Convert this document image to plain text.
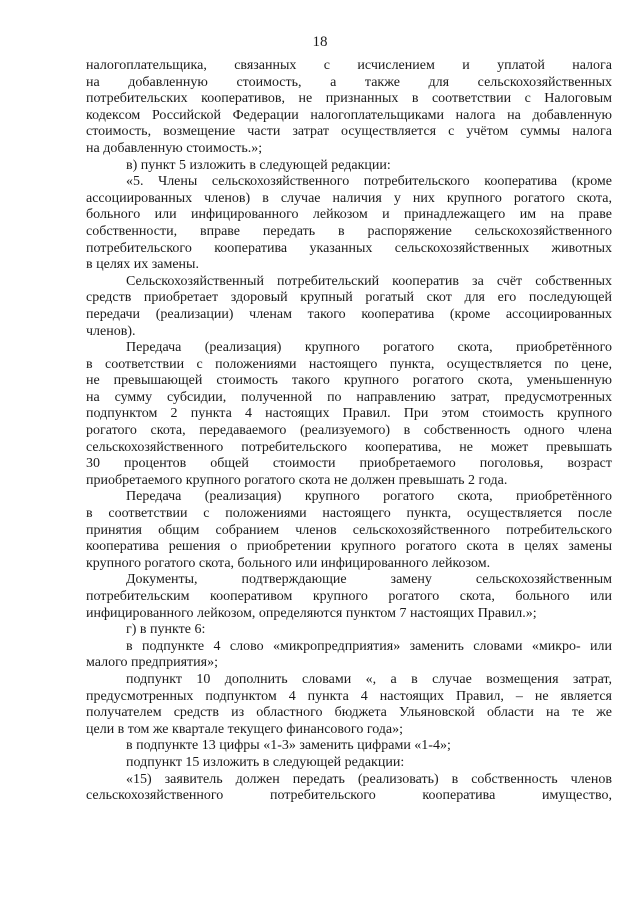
18
налогоплательщика, связанных с исчислением и уплатой налога
на добавленную стоимость, а также для сельскохозяйственных
потребительских кооперативов, не признанных в соответствии с Налоговым
кодексом Российской Федерации налогоплательщиками налога на добавленную
стоимость, возмещение части затрат осуществляется с учётом суммы налога
на добавленную стоимость.»;
в) пункт 5 изложить в следующей редакции:
«5. Члены сельскохозяйственного потребительского кооператива (кроме
ассоциированных членов) в случае наличия у них крупного рогатого скота,
больного или инфицированного лейкозом и принадлежащего им на праве
собственности, вправе передать в распоряжение сельскохозяйственного
потребительского кооператива указанных сельскохозяйственных животных
в целях их замены.
Сельскохозяйственный потребительский кооператив за счёт собственных
средств приобретает здоровый крупный рогатый скот для его последующей
передачи (реализации) членам такого кооператива (кроме ассоциированных
членов).
Передача (реализация) крупного рогатого скота, приобретённого
в соответствии с положениями настоящего пункта, осуществляется по цене,
не превышающей стоимость такого крупного рогатого скота, уменьшенную
на сумму субсидии, полученной по направлению затрат, предусмотренных
подпунктом 2 пункта 4 настоящих Правил. При этом стоимость крупного
рогатого скота, передаваемого (реализуемого) в собственность одного члена
сельскохозяйственного потребительского кооператива, не может превышать
30 процентов общей стоимости приобретаемого поголовья, возраст
приобретаемого крупного рогатого скота не должен превышать 2 года.
Передача (реализация) крупного рогатого скота, приобретённого
в соответствии с положениями настоящего пункта, осуществляется после
принятия общим собранием членов сельскохозяйственного потребительского
кооператива решения о приобретении крупного рогатого скота в целях замены
крупного рогатого скота, больного или инфицированного лейкозом.
Документы, подтверждающие замену сельскохозяйственным
потребительским кооперативом крупного рогатого скота, больного или
инфицированного лейкозом, определяются пунктом 7 настоящих Правил.»;
г) в пункте 6:
в подпункте 4 слово «микропредприятия» заменить словами «микро- или
малого предприятия»;
подпункт 10 дополнить словами «, а в случае возмещения затрат,
предусмотренных подпунктом 4 пункта 4 настоящих Правил, – не является
получателем средств из областного бюджета Ульяновской области на те же
цели в том же квартале текущего финансового года»;
в подпункте 13 цифры «1-3» заменить цифрами «1-4»;
подпункт 15 изложить в следующей редакции:
«15) заявитель должен передать (реализовать) в собственность членов
сельскохозяйственного потребительского кооператива имущество,
